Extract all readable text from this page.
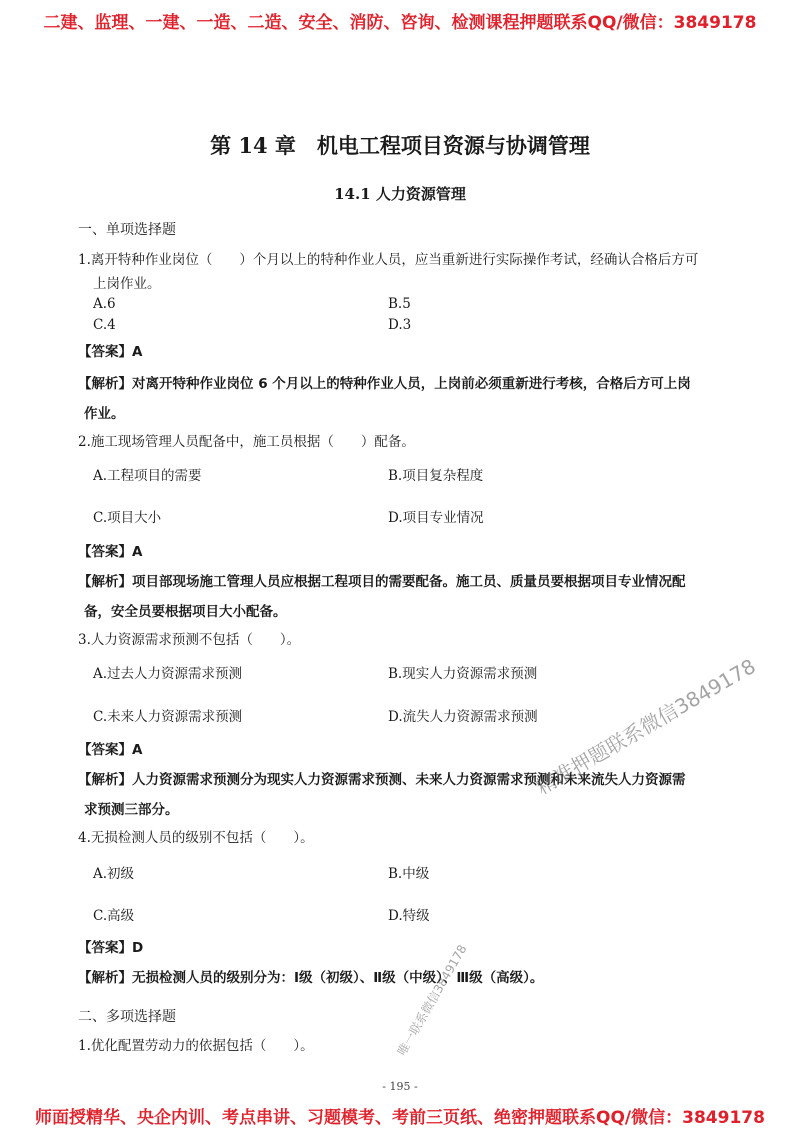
二建、监理、一建、一造、二造、安全、消防、咨询、检测课程押题联系QQ/微信：3849178
第 14 章　机电工程项目资源与协调管理
14.1 人力资源管理
一、单项选择题
1.离开特种作业岗位（　　）个月以上的特种作业人员，应当重新进行实际操作考试，经确认合格后方可
上岗作业。
A.6	B.5
C.4	D.3
【答案】A
【解析】对离开特种作业岗位 6 个月以上的特种作业人员，上岗前必须重新进行考核，合格后方可上岗
作业。
2.施工现场管理人员配备中，施工员根据（　　）配备。
A.工程项目的需要	B.项目复杂程度
C.项目大小	D.项目专业情况
【答案】A
【解析】项目部现场施工管理人员应根据工程项目的需要配备。施工员、质量员要根据项目专业情况配
备，安全员要根据项目大小配备。
3.人力资源需求预测不包括（　　）。
A.过去人力资源需求预测	B.现实人力资源需求预测
C.未来人力资源需求预测	D.流失人力资源需求预测
【答案】A
【解析】人力资源需求预测分为现实人力资源需求预测、未来人力资源需求预测和未来流失人力资源需
求预测三部分。
4.无损检测人员的级别不包括（　　）。
A.初级	B.中级
C.高级	D.特级
【答案】D
【解析】无损检测人员的级别分为：Ⅰ级（初级）、Ⅱ级（中级）、Ⅲ级（高级）。
二、多项选择题
1.优化配置劳动力的依据包括（　　）。
- 195 -
师面授精华、央企内训、考点串讲、习题模考、考前三页纸、绝密押题联系QQ/微信：3849178
精准押题联系微信3849178
唯一联系微信3849178
